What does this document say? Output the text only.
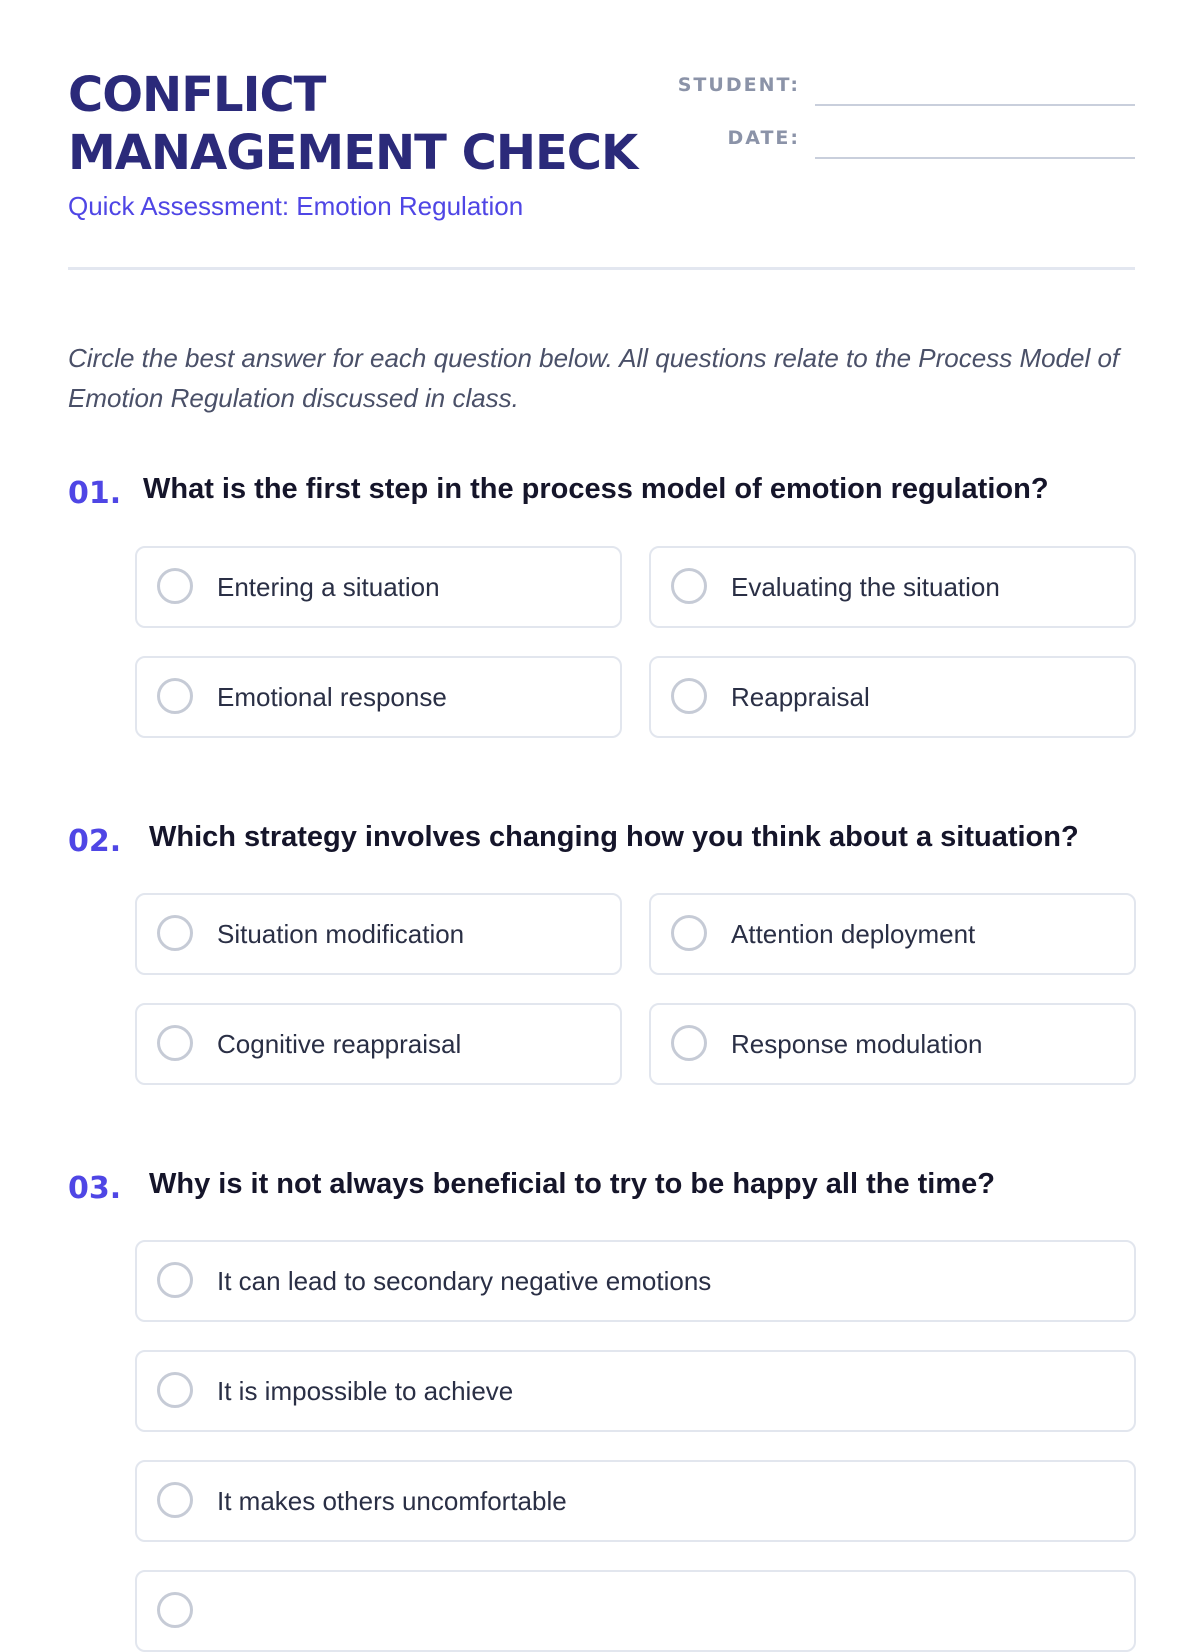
CONFLICT
MANAGEMENT CHECK

Quick Assessment: Emotion Regulation

STUDENT:
DATE:

Circle the best answer for each question below. All questions relate to the Process Model of Emotion Regulation discussed in class.

01. What is the first step in the process model of emotion regulation?
Entering a situation	Evaluating the situation
Emotional response	Reappraisal
02. Which strategy involves changing how you think about a situation?
Situation modification	Attention deployment
Cognitive reappraisal	Response modulation
03. Why is it not always beneficial to try to be happy all the time?
It can lead to secondary negative emotions
It is impossible to achieve
It makes others uncomfortable
